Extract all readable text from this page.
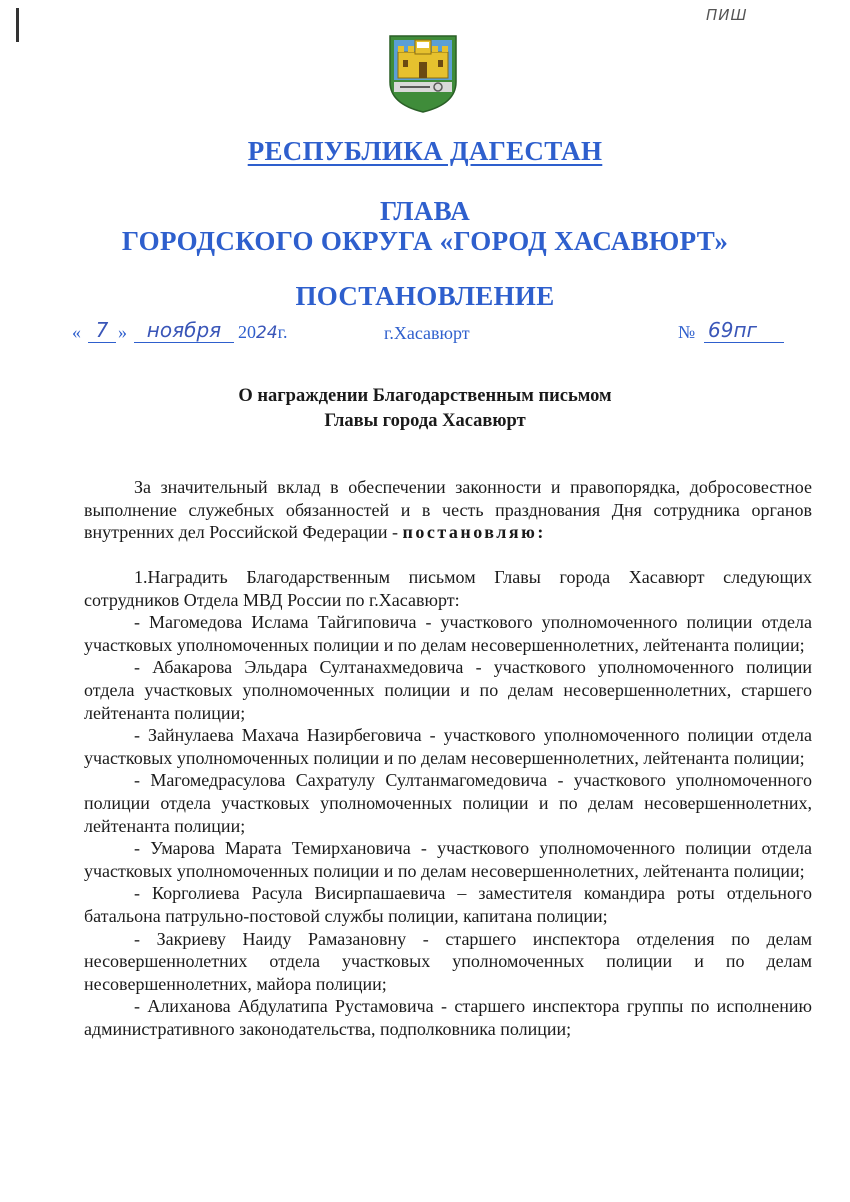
ПИШ
РЕСПУБЛИКА ДАГЕСТАН
ГЛАВА
ГОРОДСКОГО ОКРУГА «ГОРОД ХАСАВЮРТ»
ПОСТАНОВЛЕНИЕ
« 7 » ноября 2024г.	г.Хасавюрт	№ 69пг
О награждении Благодарственным письмом
Главы города Хасавюрт

За значительный вклад в обеспечении законности и правопорядка, добросовестное выполнение служебных обязанностей и в честь празднования Дня сотрудника органов внутренних дел Российской Федерации - постановляю:

1.Наградить Благодарственным письмом Главы города Хасавюрт следующих сотрудников Отдела МВД России по г.Хасавюрт:

- Магомедова Ислама Тайгиповича - участкового уполномоченного полиции отдела участковых уполномоченных полиции и по делам несовершеннолетних, лейтенанта полиции;

- Абакарова Эльдара Султанахмедовича - участкового уполномоченного полиции отдела участковых уполномоченных полиции и по делам несовершеннолетних, старшего лейтенанта полиции;

- Зайнулаева Махача Назирбеговича - участкового уполномоченного полиции отдела участковых уполномоченных полиции и по делам несовершеннолетних, лейтенанта полиции;

- Магомедрасулова Сахратулу Султанмагомедовича - участкового уполномоченного полиции отдела участковых уполномоченных полиции и по делам несовершеннолетних, лейтенанта полиции;

- Умарова Марата Темирхановича - участкового уполномоченного полиции отдела участковых уполномоченных полиции и по делам несовершеннолетних, лейтенанта полиции;

- Корголиева Расула Висирпашаевича – заместителя командира роты отдельного батальона патрульно-постовой службы полиции, капитана полиции;

- Закриеву Наиду Рамазановну - старшего инспектора отделения по делам несовершеннолетних отдела участковых уполномоченных полиции и по делам несовершеннолетних, майора полиции;

- Алиханова Абдулатипа Рустамовича - старшего инспектора группы по исполнению административного законодательства, подполковника полиции;
